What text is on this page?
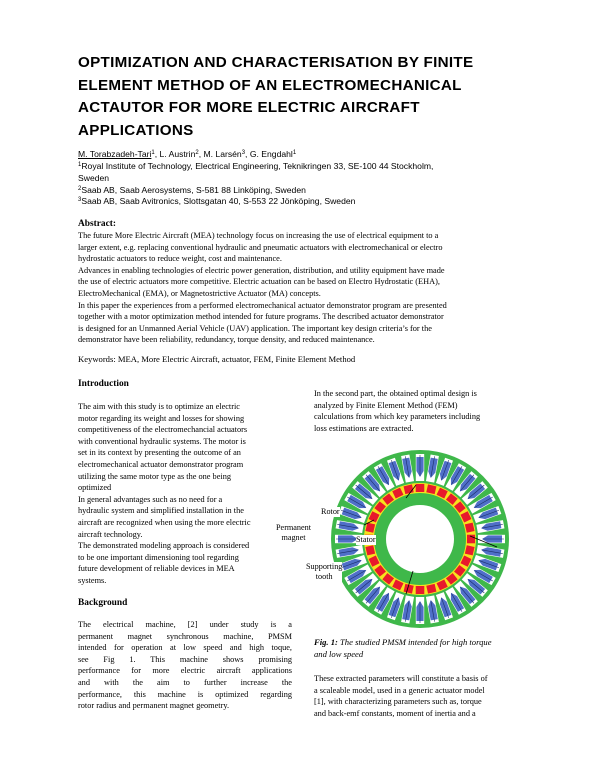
OPTIMIZATION AND CHARACTERISATION BY FINITE
ELEMENT METHOD OF AN ELECTROMECHANICAL
ACTAUTOR FOR MORE ELECTRIC AIRCRAFT
APPLICATIONS
M. Torabzadeh-Tari$^1$, L. Austrin$^2$, M. Larsén$^3$, G. Engdahl$^1$
$^1$Royal Institute of Technology, Electrical Engineering, Teknikringen 33, SE-100 44 Stockholm,
Sweden
$^2$Saab AB, Saab Aerosystems, S-581 88 Linköping, Sweden
$^3$Saab AB, Saab Avitronics, Slottsgatan 40, S-553 22 Jönköping, Sweden
Abstract:
The future More Electric Aircraft (MEA) technology focus on increasing the use of electrical equipment to a
larger extent, e.g. replacing conventional hydraulic and pneumatic actuators with electromechanical or electro
hydrostatic actuators to reduce weight, cost and maintenance.
Advances in enabling technologies of electric power generation, distribution, and utility equipment have made
the use of electric actuators more competitive. Electric actuation can be based on Electro Hydrostatic (EHA),
ElectroMechanical (EMA), or Magnetostrictive Actuator (MA) concepts.
In this paper the experiences from a performed electromechanical actuator demonstrator program are presented
together with a motor optimization method intended for future programs. The described actuator demonstrator
is designed for an Unmanned Aerial Vehicle (UAV) application. The important key design criteria’s for the
demonstrator have been reliability, redundancy, torque density, and reduced maintenance.
Keywords: MEA, More Electric Aircraft, actuator, FEM, Finite Element Method
Introduction
The aim with this study is to optimize an electric
motor regarding its weight and losses for showing
competitiveness of the electromechancial actuators
with conventional hydraulic systems. The motor is
set in its context by presenting the outcome of an
electromechanical actuator demonstrator program
utilizing the same motor type as the one being
optimized
In general advantages such as no need for a
hydraulic system and simplified installation in the
aircraft are recognized when using the more electric
aircraft technology.
The demonstrated modeling approach is considered
to be one important dimensioning tool regarding
future development of reliable devices in MEA
systems.
Background
The electrical machine, [2] under study is a
permanent magnet synchronous machine, PMSM
intended for operation at low speed and high toque,
see Fig 1. This machine shows promising
performance for more electric aircraft applications
and with the aim to further increase the
performance, this machine is optimized regarding
rotor radius and permanent magnet geometry.
In the second part, the obtained optimal design is
analyzed by Finite Element Method (FEM)
calculations from which key parameters including
loss estimations are extracted.
Rotor
Permanent
magnet	Stator
Supporting
tooth
Fig. 1: The studied PMSM intended for high torque
and low speed
These extracted parameters will constitute a basis of
a scaleable model, used in a generic actuator model
[1], with characterizing parameters such as, torque
and back-emf constants, moment of inertia and a
